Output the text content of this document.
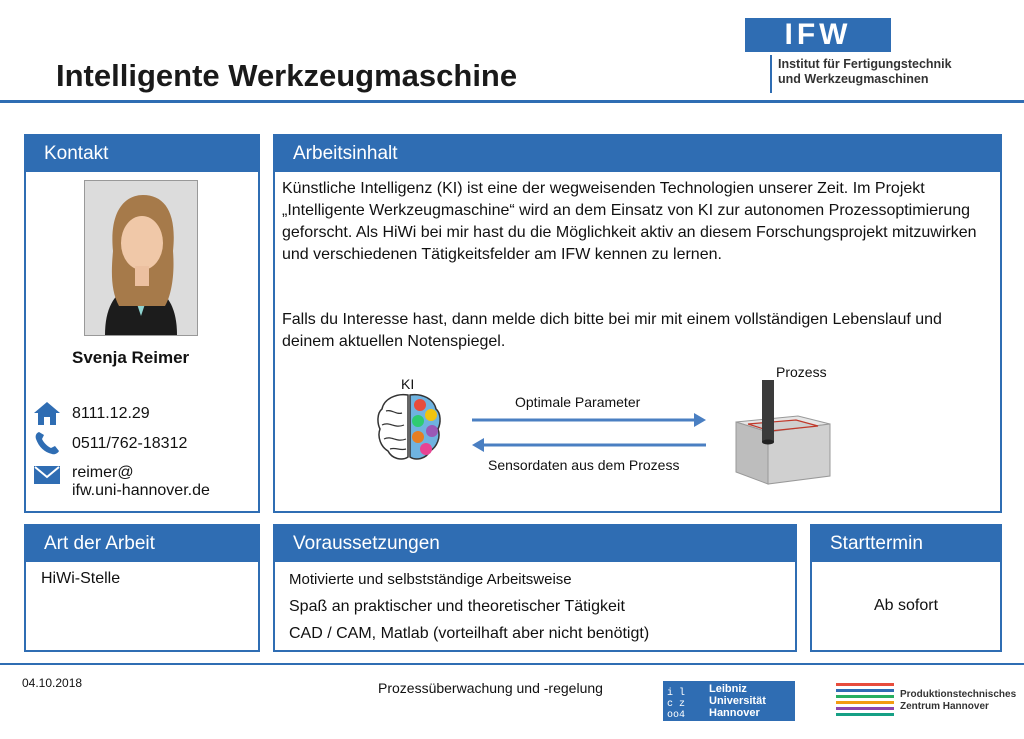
Intelligente Werkzeugmaschine
IFW
Institut für Fertigungstechnik
und Werkzeugmaschinen
Kontakt
Svenja Reimer
8111.12.29
0511/762-18312
reimer@
ifw.uni-hannover.de
Arbeitsinhalt
Künstliche Intelligenz (KI) ist eine der wegweisenden Technologien unserer Zeit. Im Projekt „Intelligente Werkzeugmaschine“ wird an dem Einsatz von KI zur autonomen Prozessoptimierung geforscht. Als HiWi bei mir hast du die Möglichkeit aktiv an diesem Forschungsprojekt mitzuwirken und verschiedenen Tätigkeitsfelder am IFW kennen zu lernen.
Falls du Interesse hast, dann melde dich bitte bei mir mit einem vollständigen Lebenslauf und deinem aktuellen Notenspiegel.
KI
Optimale Parameter
Sensordaten aus dem Prozess
Prozess
Art der Arbeit
HiWi-Stelle
Voraussetzungen
Motivierte und selbstständige Arbeitsweise
Spaß an praktischer und theoretischer Tätigkeit
CAD / CAM, Matlab (vorteilhaft aber nicht benötigt)
Starttermin
Ab sofort
04.10.2018	Prozessüberwachung und -regelung	i l
c z
oo4
Leibniz
Universität
Hannover
Produktionstechnisches
Zentrum Hannover
